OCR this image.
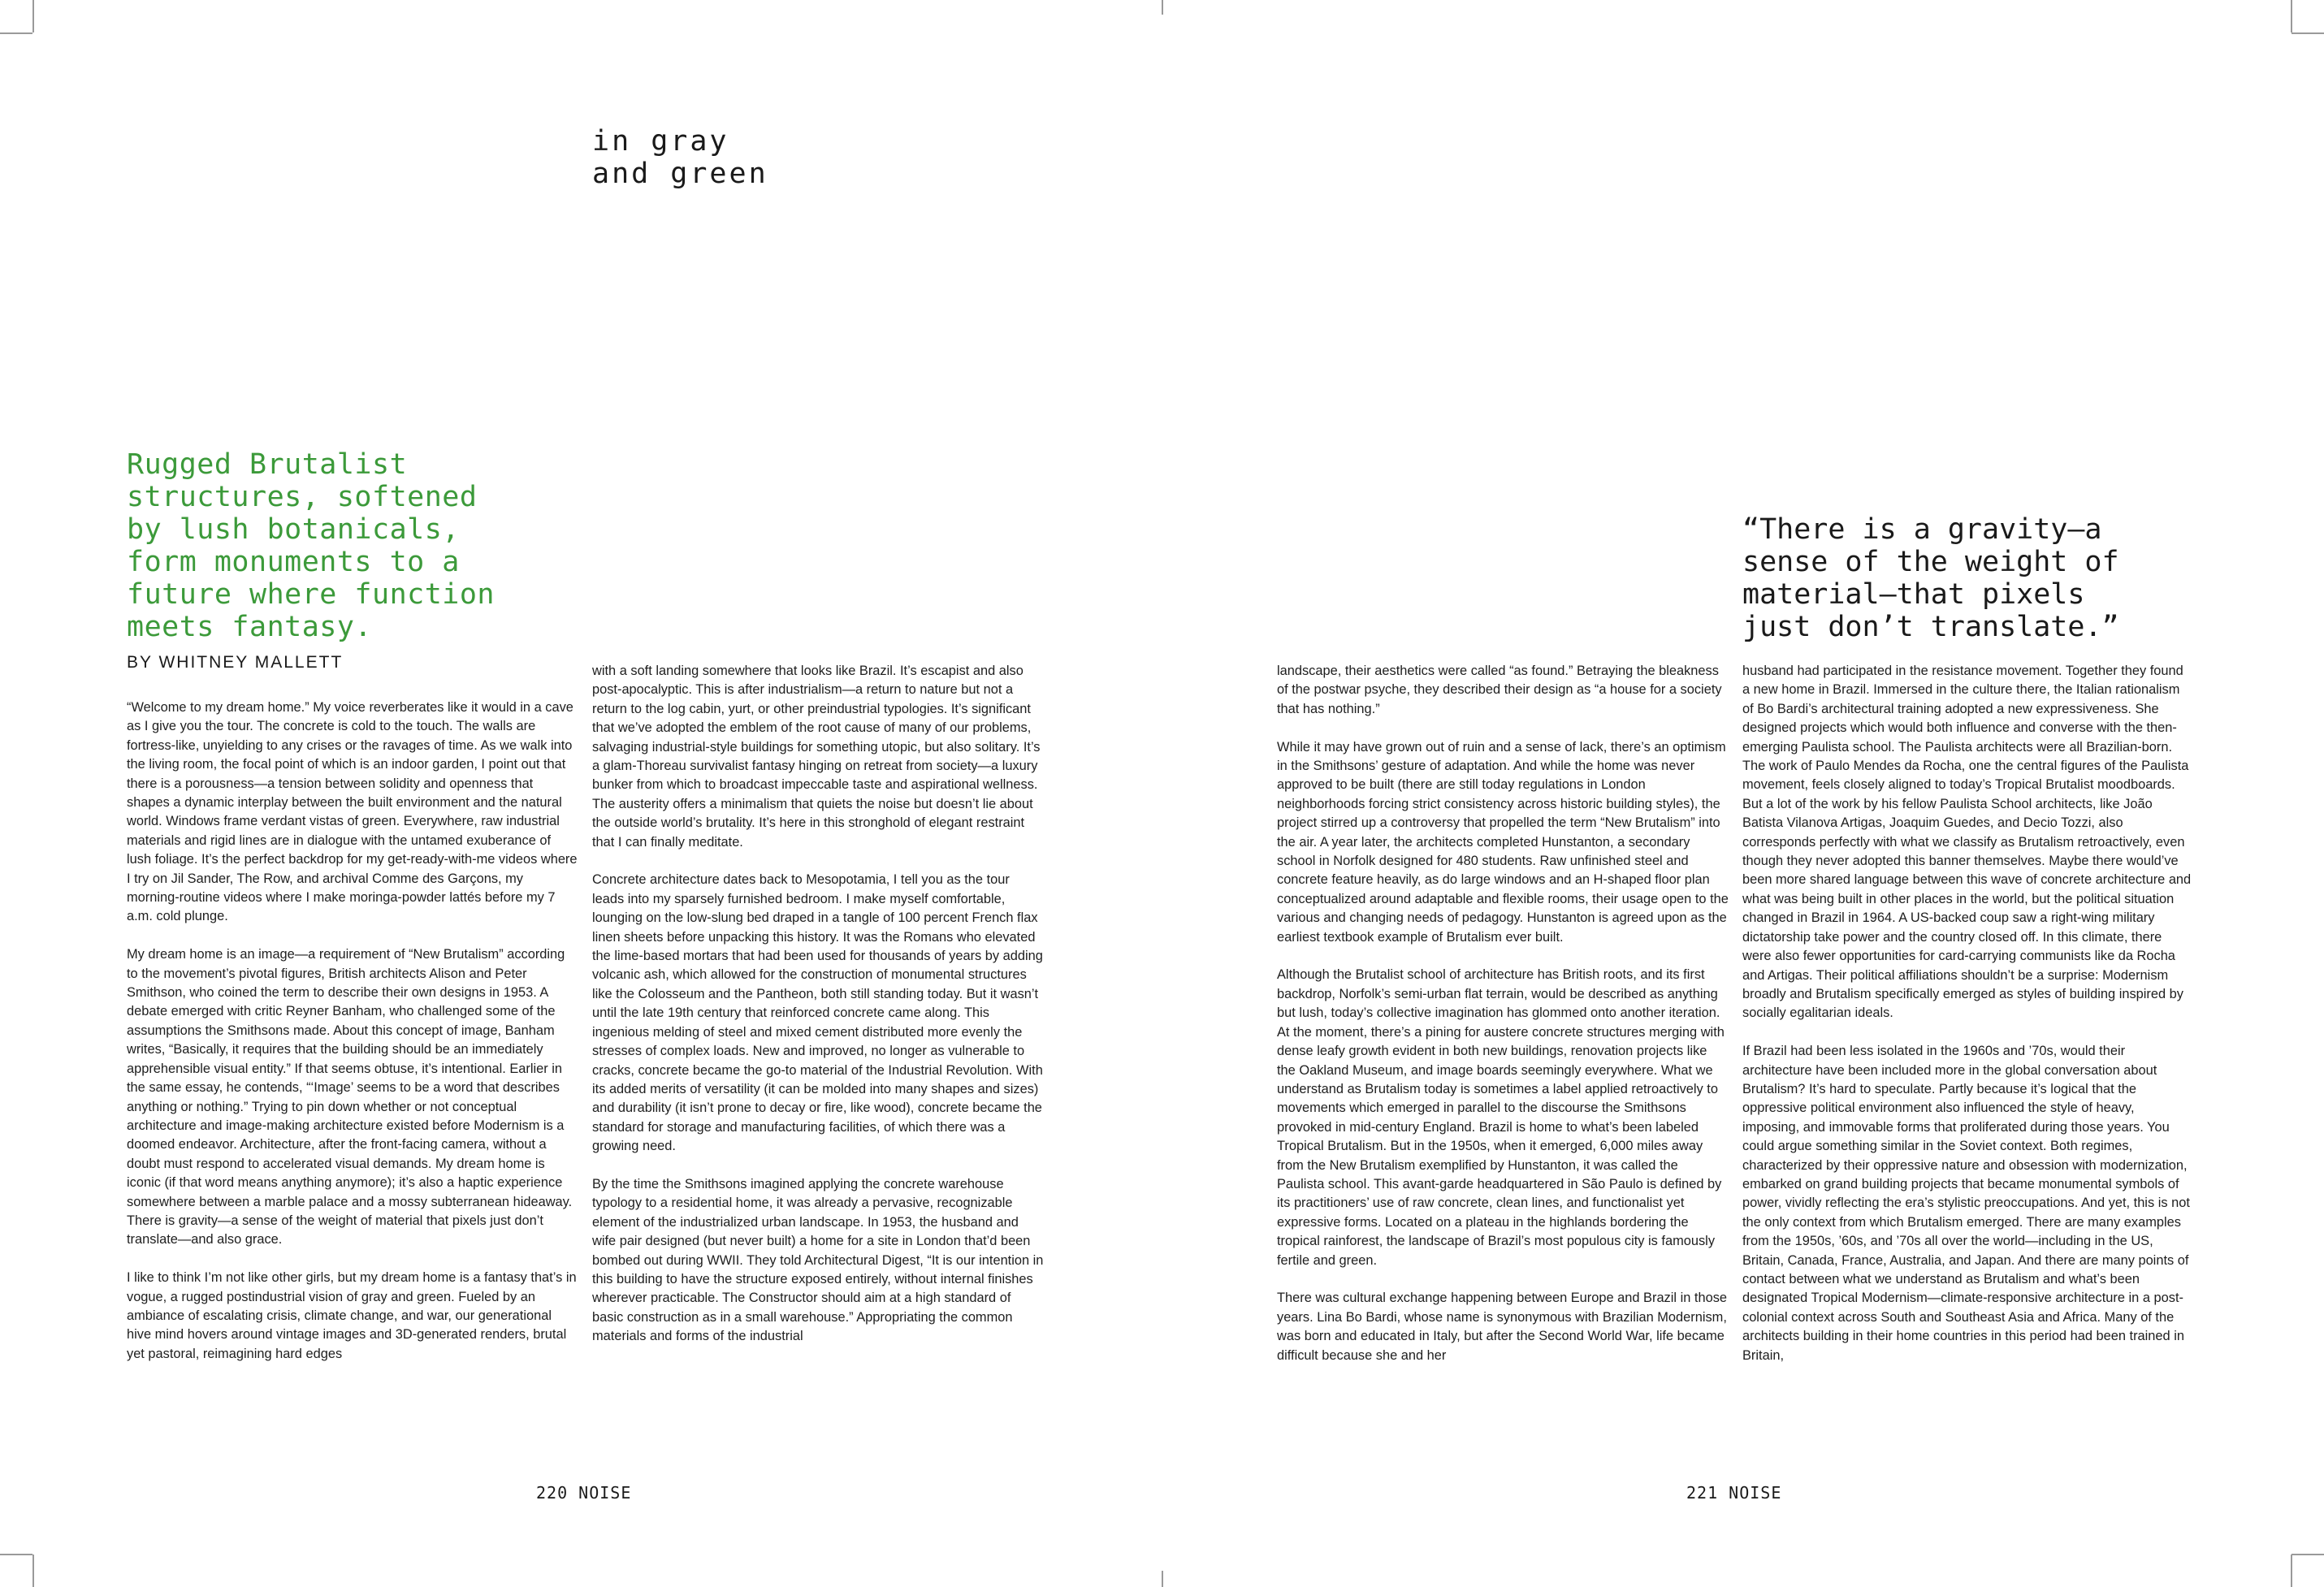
in gray
and green
Rugged Brutalist
structures, softened
by lush botanicals,
form monuments to a
future where function
meets fantasy.
BY WHITNEY MALLETT
“There is a gravity—a
sense of the weight of
material—that pixels
just don’t translate.”

“Welcome to my dream home.” My voice reverberates like it would in a cave as I give you the tour. The concrete is cold to the touch. The walls are fortress-like, unyielding to any crises or the ravages of time. As we walk into the living room, the focal point of which is an indoor garden, I point out that there is a porousness—a tension between solidity and openness that shapes a dynamic interplay between the built environment and the natural world. Windows frame verdant vistas of green. Everywhere, raw industrial materials and rigid lines are in dialogue with the untamed exuberance of lush foliage. It’s the perfect backdrop for my get-ready-with-me videos where I try on Jil Sander, The Row, and archival Comme des Garçons, my morning-routine videos where I make moringa-powder lattés before my 7 a.m. cold plunge.

My dream home is an image—a requirement of “New Brutalism” according to the movement’s pivotal figures, British architects Alison and Peter Smithson, who coined the term to describe their own designs in 1953. A debate emerged with critic Reyner Banham, who challenged some of the assumptions the Smithsons made. About this concept of image, Banham writes, “Basically, it requires that the building should be an immediately apprehensible visual entity.” If that seems obtuse, it’s intentional. Earlier in the same essay, he contends, “‘Image’ seems to be a word that describes anything or nothing.” Trying to pin down whether or not conceptual architecture and image-making architecture existed before Modernism is a doomed endeavor. Architecture, after the front-facing camera, without a doubt must respond to accelerated visual demands. My dream home is iconic (if that word means anything anymore); it’s also a haptic experience somewhere between a marble palace and a mossy subterranean hideaway. There is gravity—a sense of the weight of material that pixels just don’t translate—and also grace.

I like to think I’m not like other girls, but my dream home is a fantasy that’s in vogue, a rugged postindustrial vision of gray and green. Fueled by an ambiance of escalating crisis, climate change, and war, our generational hive mind hovers around vintage images and 3D-generated renders, brutal yet pastoral, reimagining hard edges

with a soft landing somewhere that looks like Brazil. It’s escapist and also post-apocalyptic. This is after industrialism—a return to nature but not a return to the log cabin, yurt, or other preindustrial typologies. It’s significant that we’ve adopted the emblem of the root cause of many of our problems, salvaging industrial-style buildings for something utopic, but also solitary. It’s a glam-Thoreau survivalist fantasy hinging on retreat from society—a luxury bunker from which to broadcast impeccable taste and aspirational wellness. The austerity offers a minimalism that quiets the noise but doesn’t lie about the outside world’s brutality. It’s here in this stronghold of elegant restraint that I can finally meditate.

Concrete architecture dates back to Mesopotamia, I tell you as the tour leads into my sparsely furnished bedroom. I make myself comfortable, lounging on the low-slung bed draped in a tangle of 100 percent French flax linen sheets before unpacking this history. It was the Romans who elevated the lime-based mortars that had been used for thousands of years by adding volcanic ash, which allowed for the construction of monumental structures like the Colosseum and the Pantheon, both still standing today. But it wasn’t until the late 19th century that reinforced concrete came along. This ingenious melding of steel and mixed cement distributed more evenly the stresses of complex loads. New and improved, no longer as vulnerable to cracks, concrete became the go-to material of the Industrial Revolution. With its added merits of versatility (it can be molded into many shapes and sizes) and durability (it isn’t prone to decay or fire, like wood), concrete became the standard for storage and manufacturing facilities, of which there was a growing need.

By the time the Smithsons imagined applying the concrete warehouse typology to a residential home, it was already a pervasive, recognizable element of the industrialized urban landscape. In 1953, the husband and wife pair designed (but never built) a home for a site in London that’d been bombed out during WWII. They told Architectural Digest, “It is our intention in this building to have the structure exposed entirely, without internal finishes wherever practicable. The Constructor should aim at a high standard of basic construction as in a small warehouse.” Appropriating the common materials and forms of the industrial

landscape, their aesthetics were called “as found.” Betraying the bleakness of the postwar psyche, they described their design as “a house for a society that has nothing.”

While it may have grown out of ruin and a sense of lack, there’s an optimism in the Smithsons’ gesture of adaptation. And while the home was never approved to be built (there are still today regulations in London neighborhoods forcing strict consistency across historic building styles), the project stirred up a controversy that propelled the term “New Brutalism” into the air. A year later, the architects completed Hunstanton, a secondary school in Norfolk designed for 480 students. Raw unfinished steel and concrete feature heavily, as do large windows and an H-shaped floor plan conceptualized around adaptable and flexible rooms, their usage open to the various and changing needs of pedagogy. Hunstanton is agreed upon as the earliest textbook example of Brutalism ever built.

Although the Brutalist school of architecture has British roots, and its first backdrop, Norfolk’s semi-urban flat terrain, would be described as anything but lush, today’s collective imagination has glommed onto another iteration. At the moment, there’s a pining for austere concrete structures merging with dense leafy growth evident in both new buildings, renovation projects like the Oakland Museum, and image boards seemingly everywhere. What we understand as Brutalism today is sometimes a label applied retroactively to movements which emerged in parallel to the discourse the Smithsons provoked in mid-century England. Brazil is home to what’s been labeled Tropical Brutalism. But in the 1950s, when it emerged, 6,000 miles away from the New Brutalism exemplified by Hunstanton, it was called the Paulista school. This avant-garde headquartered in São Paulo is defined by its practitioners’ use of raw concrete, clean lines, and functionalist yet expressive forms. Located on a plateau in the highlands bordering the tropical rainforest, the landscape of Brazil’s most populous city is famously fertile and green.

There was cultural exchange happening between Europe and Brazil in those years. Lina Bo Bardi, whose name is synonymous with Brazilian Modernism, was born and educated in Italy, but after the Second World War, life became difficult because she and her

husband had participated in the resistance movement. Together they found a new home in Brazil. Immersed in the culture there, the Italian rationalism of Bo Bardi’s architectural training adopted a new expressiveness. She designed projects which would both influence and converse with the then-emerging Paulista school. The Paulista architects were all Brazilian-born. The work of Paulo Mendes da Rocha, one the central figures of the Paulista movement, feels closely aligned to today’s Tropical Brutalist moodboards. But a lot of the work by his fellow Paulista School architects, like João Batista Vilanova Artigas, Joaquim Guedes, and Decio Tozzi, also corresponds perfectly with what we classify as Brutalism retroactively, even though they never adopted this banner themselves. Maybe there would’ve been more shared language between this wave of concrete architecture and what was being built in other places in the world, but the political situation changed in Brazil in 1964. A US-backed coup saw a right-wing military dictatorship take power and the country closed off. In this climate, there were also fewer opportunities for card-carrying communists like da Rocha and Artigas. Their political affiliations shouldn’t be a surprise: Modernism broadly and Brutalism specifically emerged as styles of building inspired by socially egalitarian ideals.

If Brazil had been less isolated in the 1960s and ’70s, would their architecture have been included more in the global conversation about Brutalism? It’s hard to speculate. Partly because it’s logical that the oppressive political environment also influenced the style of heavy, imposing, and immovable forms that proliferated during those years. You could argue something similar in the Soviet context. Both regimes, characterized by their oppressive nature and obsession with modernization, embarked on grand building projects that became monumental symbols of power, vividly reflecting the era’s stylistic preoccupations. And yet, this is not the only context from which Brutalism emerged. There are many examples from the 1950s, ’60s, and ’70s all over the world—including in the US, Britain, Canada, France, Australia, and Japan. And there are many points of contact between what we understand as Brutalism and what’s been designated Tropical Modernism—climate-responsive architecture in a post-colonial context across South and Southeast Asia and Africa. Many of the architects building in their home countries in this period had been trained in Britain,

220 NOISE	221 NOISE
